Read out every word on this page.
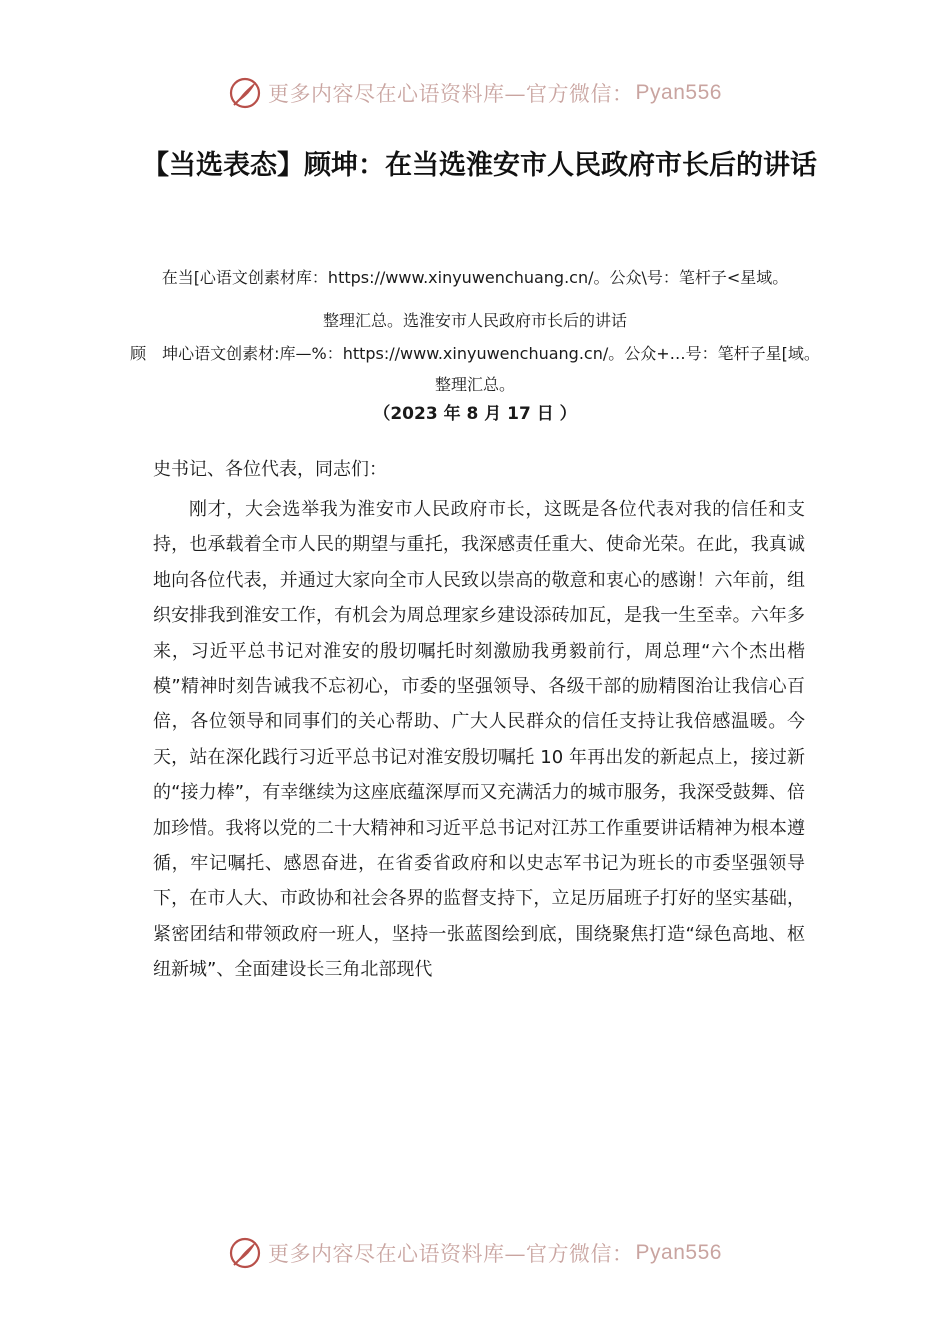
更多内容尽在心语资料库—官方微信： Pyan556
【当选表态】顾坤：在当选淮安市人民政府市长后的讲话
在当[心语文创素材库：https://www.xinyuwenchuang.cn/。公众\号：笔杆子<星域。
整理汇总。选淮安市人民政府市长后的讲话
顾　坤心语文创素材:库—%：https://www.xinyuwenchuang.cn/。公众+…号：笔杆子星[域。整理汇总。
（2023 年 8 月 17 日 ）
史书记、各位代表，同志们：
刚才，大会选举我为淮安市人民政府市长，这既是各位代表对我的信任和支持，也承载着全市人民的期望与重托，我深感责任重大、使命光荣。在此，我真诚地向各位代表，并通过大家向全市人民致以崇高的敬意和衷心的感谢！六年前，组织安排我到淮安工作，有机会为周总理家乡建设添砖加瓦，是我一生至幸。六年多来，习近平总书记对淮安的殷切嘱托时刻激励我勇毅前行，周总理“六个杰出楷模”精神时刻告诫我不忘初心，市委的坚强领导、各级干部的励精图治让我信心百倍，各位领导和同事们的关心帮助、广大人民群众的信任支持让我倍感温暖。今天，站在深化践行习近平总书记对淮安殷切嘱托 10 年再出发的新起点上，接过新的“接力棒”，有幸继续为这座底蕴深厚而又充满活力的城市服务，我深受鼓舞、倍加珍惜。我将以党的二十大精神和习近平总书记对江苏工作重要讲话精神为根本遵循，牢记嘱托、感恩奋进，在省委省政府和以史志军书记为班长的市委坚强领导下，在市人大、市政协和社会各界的监督支持下，立足历届班子打好的坚实基础，紧密团结和带领政府一班人，坚持一张蓝图绘到底，围绕聚焦打造“绿色高地、枢纽新城”、全面建设长三角北部现代
更多内容尽在心语资料库—官方微信： Pyan556
